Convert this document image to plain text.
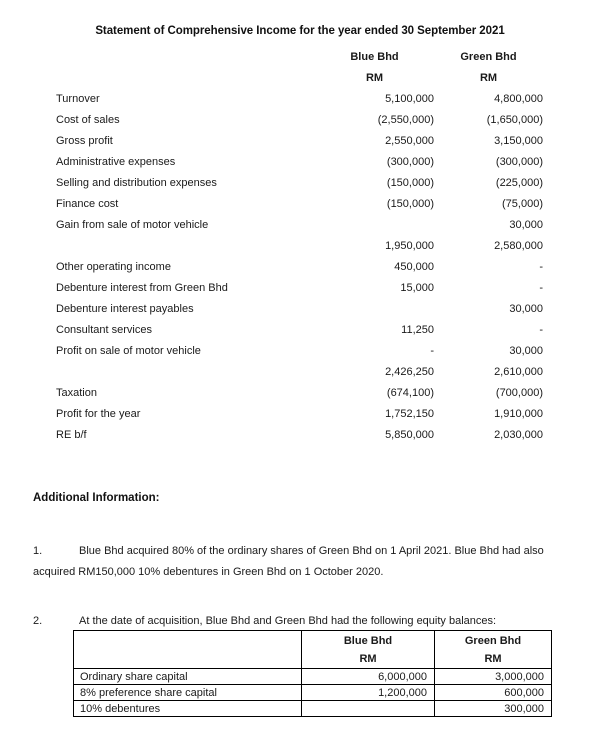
Statement of Comprehensive Income for the year ended 30 September 2021
	Blue Bhd	Green Bhd
	RM	RM
Turnover	5,100,000	4,800,000
Cost of sales	(2,550,000)	(1,650,000)
Gross profit	2,550,000	3,150,000
Administrative expenses	(300,000)	(300,000)
Selling and distribution expenses	(150,000)	(225,000)
Finance cost	(150,000)	(75,000)
Gain from sale of motor vehicle		30,000
	1,950,000	2,580,000
Other operating income	450,000	-
Debenture interest from Green Bhd	15,000	-
Debenture interest payables		30,000
Consultant services	11,250	-
Profit on sale of motor vehicle	-	30,000
	2,426,250	2,610,000
Taxation	(674,100)	(700,000)
Profit for the year	1,752,150	1,910,000
RE b/f	5,850,000	2,030,000
Additional Information:
1.	Blue Bhd acquired 80% of the ordinary shares of Green Bhd on 1 April 2021. Blue Bhd had also acquired RM150,000 10% debentures in Green Bhd on 1 October 2020.
2.	At the date of acquisition, Blue Bhd and Green Bhd had the following equity balances:
	Blue Bhd	Green Bhd
	RM	RM
Ordinary share capital	6,000,000	3,000,000
8% preference share capital	1,200,000	600,000
10% debentures		300,000
